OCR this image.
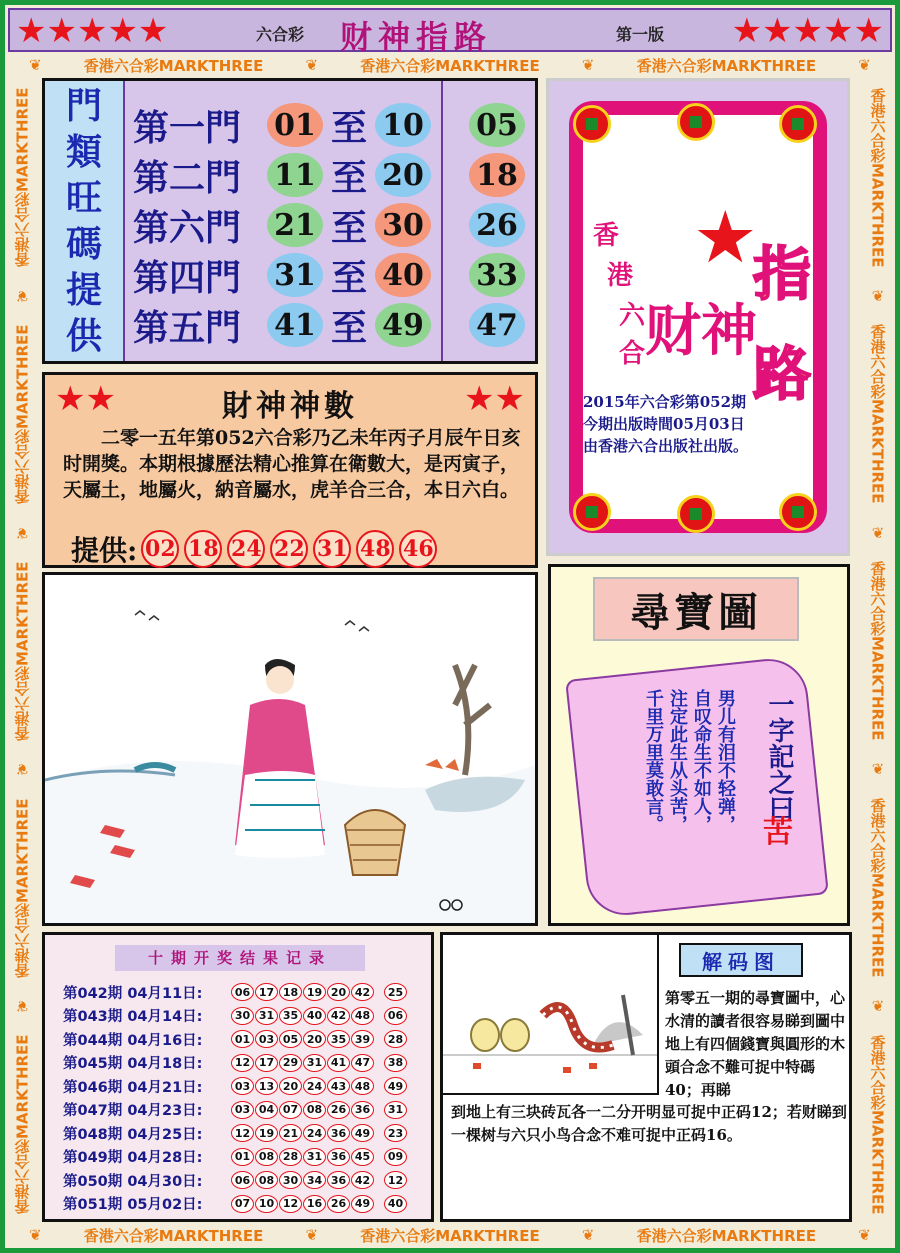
★★★★★	六合彩 财神指路	第一版 ★★★★★
❦	香港六合彩MARKTHREE	❦	香港六合彩MARKTHREE	❦	香港六合彩MARKTHREE	❦
❦	香港六合彩MARKTHREE	❦	香港六合彩MARKTHREE	❦	香港六合彩MARKTHREE	❦
香港六合彩MARKTHREE
❦
香港六合彩MARKTHREE
❦
香港六合彩MARKTHREE
❦
香港六合彩MARKTHREE
❦
香港六合彩MARKTHREE	香港六合彩MARKTHREE
❦
香港六合彩MARKTHREE
❦
香港六合彩MARKTHREE
❦
香港六合彩MARKTHREE
❦
香港六合彩MARKTHREE
門
類
旺
碼
提
供
第一門	01 至 10 05
第二門	11 至 20 18
第六門	21 至 30 26
第四門	31 至 40 33
第五門	41 至 49 47
★★	財神神數	★★
二零一五年第052六合彩乃乙未年丙子月辰午日亥时開獎。本期根據歷法精心推算在衛數大，是丙寅子，天屬土，地屬火，納音屬水，虎羊合三合，本日六白。
提供: 02 18 24 22 31 48 46
★
香
港
六
合 财神
指
路
2015年六合彩第052期
今期出版時間05月03日
由香港六合出版社出版。
尋寶圖
男儿有泪不轻弹，
自叹命生不如人，
注定此生从头苦，
千里万里莫敢言。	一字記之曰
苦
十期开奖结果记录
第042期 04月11日:	06 17 18 19 20 42	25
第043期 04月14日:	30 31 35 40 42 48	06
第044期 04月16日:	01 03 05 20 35 39	28
第045期 04月18日:	12 17 29 31 41 47	38
第046期 04月21日:	03 13 20 24 43 48	49
第047期 04月23日:	03 04 07 08 26 36	31
第048期 04月25日:	12 19 21 24 36 49	23
第049期 04月28日:	01 08 28 31 36 45	09
第050期 04月30日:	06 08 30 34 36 42	12
第051期 05月02日:	07 10 12 16 26 49	40
解码图
第零五一期的尋寶圖中，心水清的讀者很容易睇到圖中地上有四個錢寶與圓形的木頭合念不難可捉中特碼40；再睇
到地上有三块砖瓦各一二分开明显可捉中正码12；若财睇到一棵树与六只小鸟合念不难可捉中正码16。
